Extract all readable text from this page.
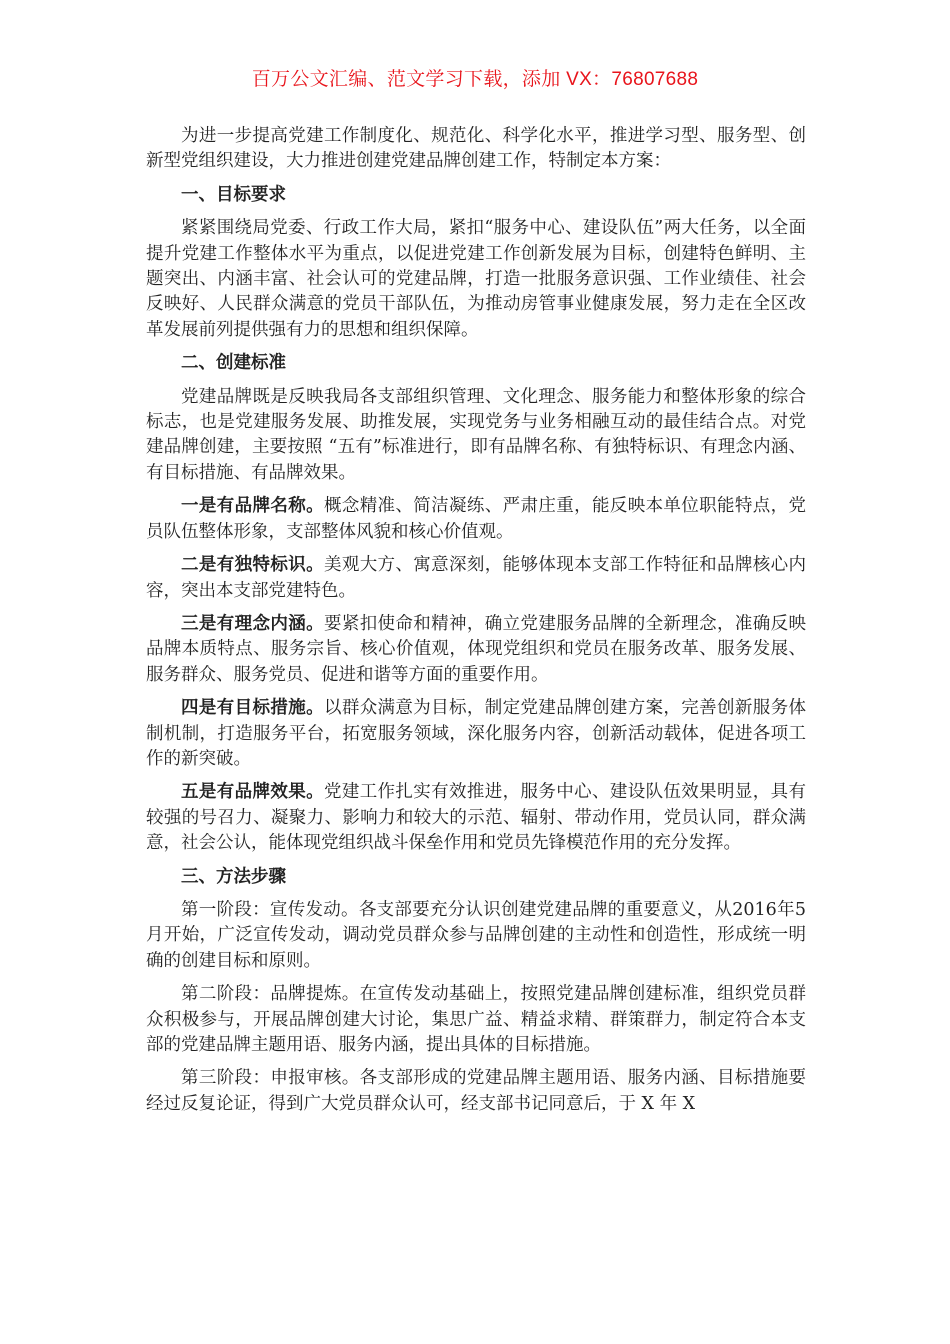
百万公文汇编、范文学习下载，添加 VX：76807688

为进一步提高党建工作制度化、规范化、科学化水平，推进学习型、服务型、创新型党组织建设，大力推进创建党建品牌创建工作，特制定本方案：

一、目标要求

紧紧围绕局党委、行政工作大局，紧扣“服务中心、建设队伍”两大任务，以全面提升党建工作整体水平为重点，以促进党建工作创新发展为目标，创建特色鲜明、主题突出、内涵丰富、社会认可的党建品牌，打造一批服务意识强、工作业绩佳、社会反映好、人民群众满意的党员干部队伍，为推动房管事业健康发展，努力走在全区改革发展前列提供强有力的思想和组织保障。

二、创建标准

党建品牌既是反映我局各支部组织管理、文化理念、服务能力和整体形象的综合标志，也是党建服务发展、助推发展，实现党务与业务相融互动的最佳结合点。对党建品牌创建，主要按照 “五有”标准进行，即有品牌名称、有独特标识、有理念内涵、有目标措施、有品牌效果。

一是有品牌名称。概念精准、简洁凝练、严肃庄重，能反映本单位职能特点，党员队伍整体形象，支部整体风貌和核心价值观。

二是有独特标识。美观大方、寓意深刻，能够体现本支部工作特征和品牌核心内容，突出本支部党建特色。

三是有理念内涵。要紧扣使命和精神，确立党建服务品牌的全新理念，准确反映品牌本质特点、服务宗旨、核心价值观，体现党组织和党员在服务改革、服务发展、服务群众、服务党员、促进和谐等方面的重要作用。

四是有目标措施。以群众满意为目标，制定党建品牌创建方案，完善创新服务体制机制，打造服务平台，拓宽服务领域，深化服务内容，创新活动载体，促进各项工作的新突破。

五是有品牌效果。党建工作扎实有效推进，服务中心、建设队伍效果明显，具有较强的号召力、凝聚力、影响力和较大的示范、辐射、带动作用，党员认同，群众满意，社会公认，能体现党组织战斗保垒作用和党员先锋模范作用的充分发挥。

三、方法步骤

第一阶段：宣传发动。各支部要充分认识创建党建品牌的重要意义，从2016年5月开始，广泛宣传发动，调动党员群众参与品牌创建的主动性和创造性，形成统一明确的创建目标和原则。

第二阶段：品牌提炼。在宣传发动基础上，按照党建品牌创建标准，组织党员群众积极参与，开展品牌创建大讨论，集思广益、精益求精、群策群力，制定符合本支部的党建品牌主题用语、服务内涵，提出具体的目标措施。

第三阶段：申报审核。各支部形成的党建品牌主题用语、服务内涵、目标措施要经过反复论证，得到广大党员群众认可，经支部书记同意后，于 X 年 X
